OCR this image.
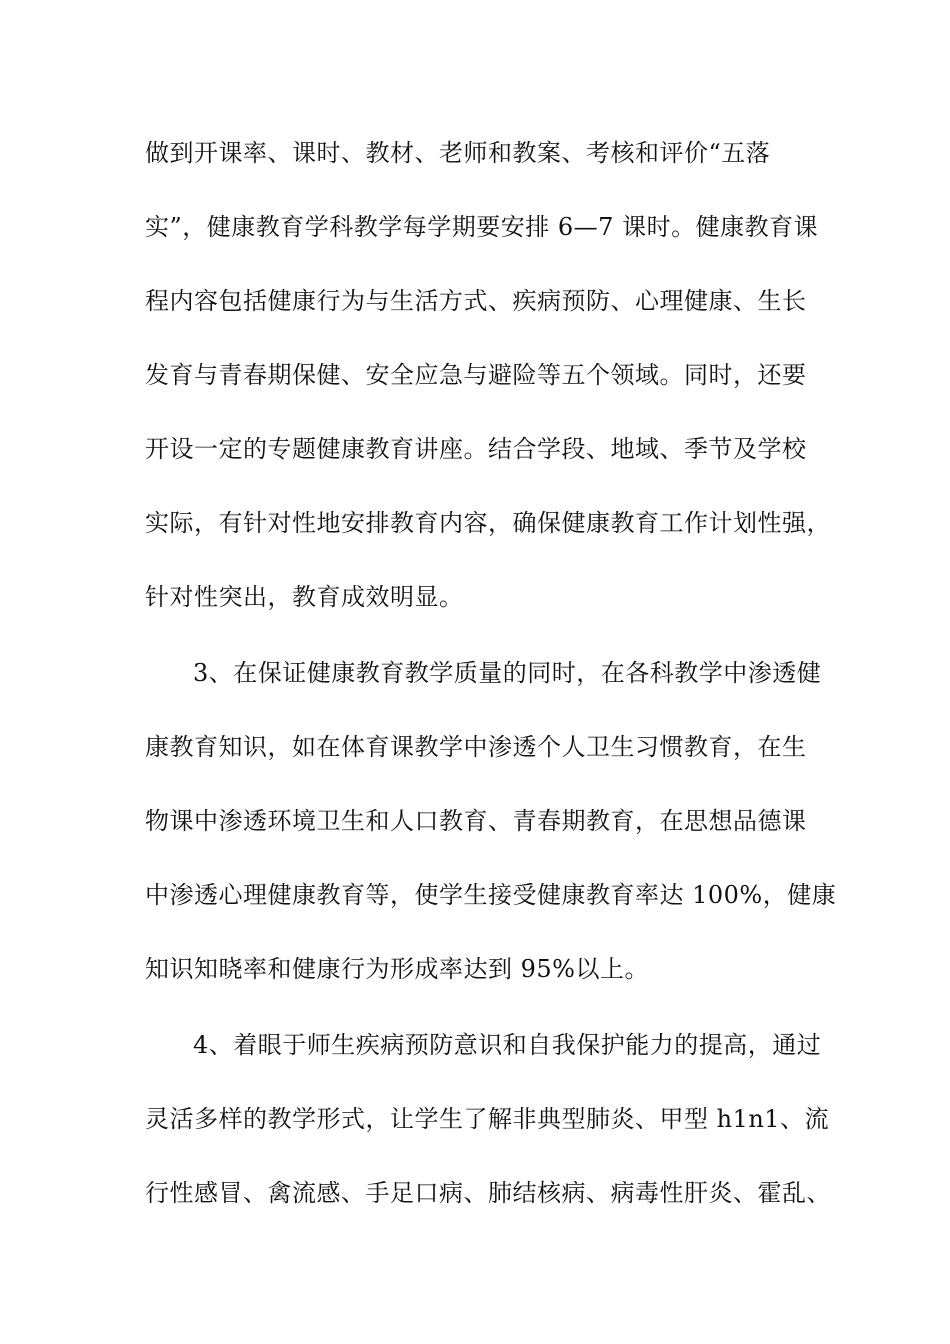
做到开课率、课时、教材、老师和教案、考核和评价“五落
实”，健康教育学科教学每学期要安排 6—7 课时。健康教育课
程内容包括健康行为与生活方式、疾病预防、心理健康、生长
发育与青春期保健、安全应急与避险等五个领域。同时，还要
开设一定的专题健康教育讲座。结合学段、地域、季节及学校
实际，有针对性地安排教育内容，确保健康教育工作计划性强，
针对性突出，教育成效明显。
3、在保证健康教育教学质量的同时，在各科教学中渗透健
康教育知识，如在体育课教学中渗透个人卫生习惯教育，在生
物课中渗透环境卫生和人口教育、青春期教育，在思想品德课
中渗透心理健康教育等，使学生接受健康教育率达 100%，健康
知识知晓率和健康行为形成率达到 95%以上。
4、着眼于师生疾病预防意识和自我保护能力的提高，通过
灵活多样的教学形式，让学生了解非典型肺炎、甲型 h1n1、流
行性感冒、禽流感、手足口病、肺结核病、病毒性肝炎、霍乱、
